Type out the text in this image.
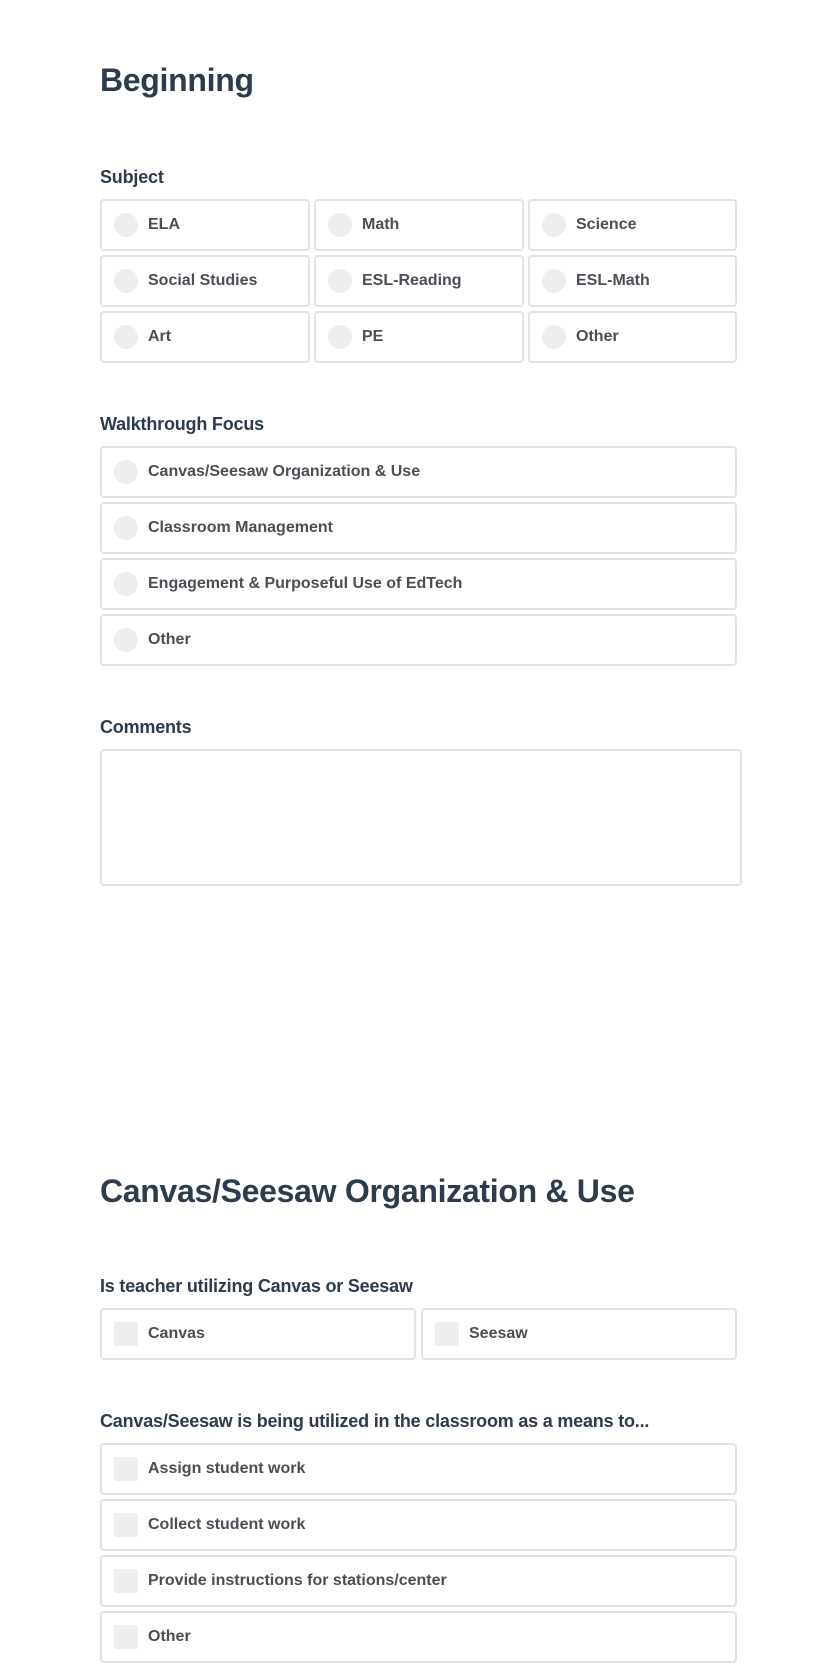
Beginning
Subject
ELA	Math	Science
Social Studies	ESL-Reading	ESL-Math
Art	PE	Other
Walkthrough Focus
Canvas/Seesaw Organization & Use
Classroom Management
Engagement & Purposeful Use of EdTech
Other
Comments
Canvas/Seesaw Organization & Use
Is teacher utilizing Canvas or Seesaw
Canvas	Seesaw
Canvas/Seesaw is being utilized in the classroom as a means to...
Assign student work
Collect student work
Provide instructions for stations/center
Other
